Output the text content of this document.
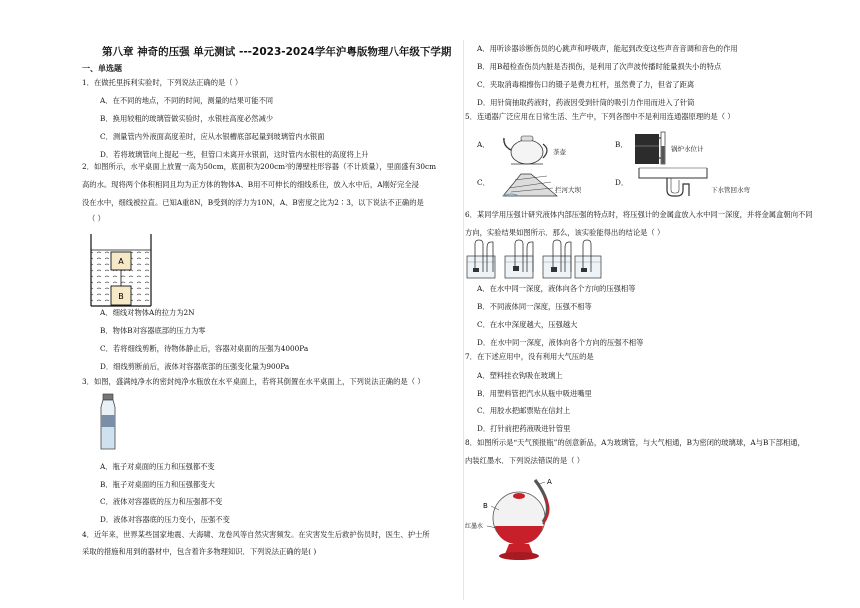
第八章 神奇的压强 单元测试 ---2023-2024学年沪粤版物理八年级下学期
一、单选题
1．在做托里拆利实验时，下列说法正确的是（ ）
A．在不同的地点，不同的时间，测量的结果可能不同
B．换用较粗的玻璃管做实验时，水银柱高度必然减少
C．测量管内外液面高度差时，应从水银槽底部起量到玻璃管内水银面
D．若将玻璃管向上提起一些，但管口未离开水银面，这时管内水银柱的高度将上升
2．如图所示，水平桌面上放置一高为50cm，底面积为200cm²的薄壁柱形容器（不计质量），里面盛有30cm
高的水。现将两个体积相同且均为正方体的物体A、B用不可伸长的细线系住，放入水中后，A刚好完全浸
没在水中，细线被拉直。已知A重8N，B受到的浮力为10N，A、B密度之比为2∶3，以下说法不正确的是
（ ）
A
B
A．细线对物体A的拉力为2N
B．物体B对容器底部的压力为零
C．若将细线剪断，待物体静止后，容器对桌面的压强为4000Pa
D．细线剪断前后，液体对容器底部的压强变化量为900Pa
3．如图，盛满纯净水的密封纯净水瓶放在水平桌面上，若将其倒置在水平桌面上，下列说法正确的是（ ）
A．瓶子对桌面的压力和压强都不变
B．瓶子对桌面的压力和压强都变大
C．液体对容器底的压力和压强都不变
D．液体对容器底的压力变小，压强不变
4．近年来，世界某些国家地震、大海啸、龙卷风等自然灾害频发。在灾害发生后救护伤员时，医生、护士所
采取的措施和用到的器材中，包含着许多物理知识．下列说法正确的是( )
A．用听诊器诊断伤员的心跳声和呼吸声，能起到改变这些声音音调和音色的作用
B．用B超检查伤员内脏是否损伤，是利用了次声波传播时能量损失小的特点
C．夹取消毒棉擦伤口的镊子是费力杠杆，虽然费了力，但省了距离
D．用针筒抽取药液时，药液因受到针筒的吸引力作用而进入了针筒
5．连通器广泛应用在日常生活、生产中，下列各图中不是利用连通器原理的是（ ）
A．
茶壶
B．	锅炉水位计
C．
拦河大坝
D．
下水管回水弯
6．某同学用压强计研究液体内部压强的特点时，将压强计的金属盒放入水中同一深度，并将金属盒朝向不同
方向，实验结果如图所示．那么，该实验能得出的结论是（ ）
A．在水中同一深度，液体向各个方向的压强相等
B．不同液体同一深度，压强不相等
C．在水中深度越大，压强越大
D．在水中同一深度，液体向各个方向的压强不相等
7．在下述应用中，没有利用大气压的是
A．塑料挂衣钩吸在玻璃上
B．用塑料管把汽水从瓶中吸进嘴里
C．用胶水把邮票贴在信封上
D．打针前把药液吸进针管里
8．如图所示是“天气预报瓶”的创意新品，A为玻璃管，与大气相通，B为密闭的玻璃球，A与B下部相通，
内装红墨水．下列说法错误的是（ ）
A
B
红墨水
